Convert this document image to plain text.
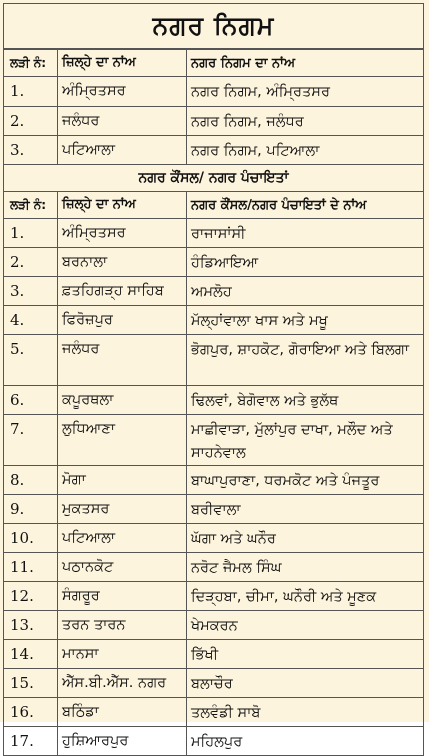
ਨਗਰ ਨਿਗਮ
ਲੜੀ ਨੰ:	ਜ਼ਿਲ੍ਹੇ ਦਾ ਨਾਂਅ	ਨਗਰ ਨਿਗਮ ਦਾ ਨਾਂਅ
1.	ਅੰਮ੍ਰਿਤਸਰ	ਨਗਰ ਨਿਗਮ, ਅੰਮ੍ਰਿਤਸਰ
2.	ਜਲੰਧਰ	ਨਗਰ ਨਿਗਮ, ਜਲੰਧਰ
3.	ਪਟਿਆਲਾ	ਨਗਰ ਨਿਗਮ, ਪਟਿਆਲਾ
ਨਗਰ ਕੌਂਸਲ/ ਨਗਰ ਪੰਚਾਇਤਾਂ		
ਲੜੀ ਨੰ:	ਜ਼ਿਲ੍ਹੇ ਦਾ ਨਾਂਅ	ਨਗਰ ਕੌਂਸਲ/ਨਗਰ ਪੰਚਾਇਤਾਂ ਦੇ ਨਾਂਅ
1.	ਅੰਮ੍ਰਿਤਸਰ	ਰਾਜਾਸਾਂਸੀ
2.	ਬਰਨਾਲਾ	ਹੰਡਿਆਇਆ
3.	ਫ਼ਤਹਿਗੜ੍ਹ ਸਾਹਿਬ	ਅਮਲੋਹ
4.	ਫਿਰੋਜ਼ਪੁਰ	ਮੱਲ੍ਹਾਂਵਾਲਾ ਖਾਸ ਅਤੇ ਮਖੂ
5.	ਜਲੰਧਰ	ਭੋਗਪੁਰ, ਸ਼ਾਹਕੋਟ, ਗੋਰਾਇਆ ਅਤੇ ਬਿਲਗਾ
6.	ਕਪੂਰਥਲਾ	ਢਿਲਵਾਂ, ਬੇਗੋਵਾਲ ਅਤੇ ਭੁਲੱਥ
7.	ਲੁਧਿਆਣਾ	ਮਾਛੀਵਾੜਾ, ਮੁੱਲਾਂਪੁਰ ਦਾਖਾ, ਮਲੌਦ ਅਤੇ ਸਾਹਨੇਵਾਲ
8.	ਮੋਗਾ	ਬਾਘਾਪੁਰਾਣਾ, ਧਰਮਕੋਟ ਅਤੇ ਪੰਜਤੂਰ
9.	ਮੁਕਤਸਰ	ਬਰੀਵਾਲਾ
10.	ਪਟਿਆਲਾ	ਘੱਗਾ ਅਤੇ ਘਨੌਰ
11.	ਪਠਾਨਕੋਟ	ਨਰੋਟ ਜੈਮਲ ਸਿੰਘ
12.	ਸੰਗਰੂਰ	ਦਿੜ੍ਹਬਾ, ਚੀਮਾ, ਘਨੌਰੀ ਅਤੇ ਮੂਣਕ
13.	ਤਰਨ ਤਾਰਨ	ਖੇਮਕਰਨ
14.	ਮਾਨਸਾ	ਭਿੱਖੀ
15.	ਐੱਸ.ਬੀ.ਐੱਸ. ਨਗਰ	ਬਲਾਚੌਰ
16.	ਬਠਿੰਡਾ	ਤਲਵੰਡੀ ਸਾਬੋ
17.	ਹੁਸ਼ਿਆਰਪੁਰ	ਮਹਿਲਪੁਰ
